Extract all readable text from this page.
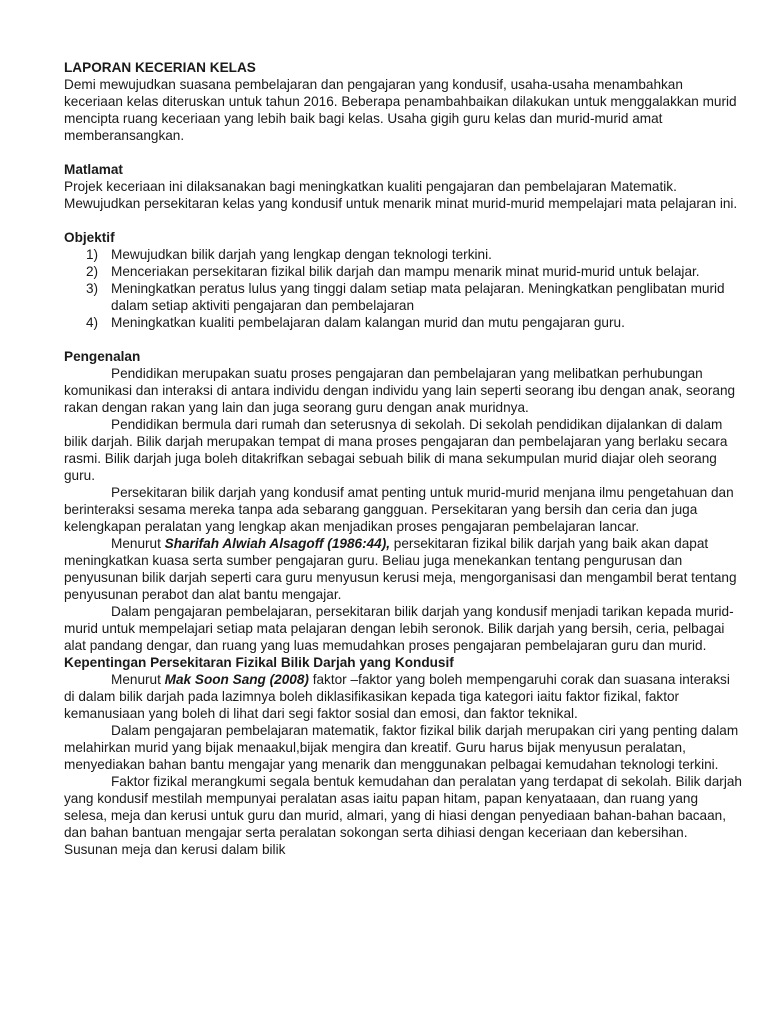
LAPORAN KECERIAN KELAS

Demi mewujudkan suasana pembelajaran dan pengajaran yang kondusif, usaha-usaha menambahkan keceriaan kelas diteruskan untuk tahun 2016. Beberapa penambahbaikan dilakukan untuk menggalakkan murid mencipta ruang keceriaan yang lebih baik bagi kelas. Usaha gigih guru kelas dan murid-murid amat memberansangkan.

Matlamat

Projek keceriaan ini dilaksanakan bagi meningkatkan kualiti pengajaran dan pembelajaran Matematik. Mewujudkan persekitaran kelas yang kondusif untuk menarik minat murid-murid mempelajari mata pelajaran ini.

Objektif

1) Mewujudkan bilik darjah yang lengkap dengan teknologi terkini.
2) Menceriakan persekitaran fizikal bilik darjah dan mampu menarik minat murid-murid untuk belajar.
3) Meningkatkan peratus lulus yang tinggi dalam setiap mata pelajaran. Meningkatkan penglibatan murid dalam setiap aktiviti pengajaran dan pembelajaran
4) Meningkatkan kualiti pembelajaran dalam kalangan murid dan mutu pengajaran guru.

Pengenalan

Pendidikan merupakan suatu proses pengajaran dan pembelajaran yang melibatkan perhubungan komunikasi dan interaksi di antara individu dengan individu yang lain seperti seorang ibu dengan anak, seorang rakan dengan rakan yang lain dan juga seorang guru dengan anak muridnya.

Pendidikan bermula dari rumah dan seterusnya di sekolah. Di sekolah pendidikan dijalankan di dalam bilik darjah. Bilik darjah merupakan tempat di mana proses pengajaran dan pembelajaran yang berlaku secara rasmi. Bilik darjah juga boleh ditakrifkan sebagai sebuah bilik di mana sekumpulan murid diajar oleh seorang guru.

Persekitaran bilik darjah yang kondusif amat penting untuk murid-murid menjana ilmu pengetahuan dan berinteraksi sesama mereka tanpa ada sebarang gangguan. Persekitaran yang bersih dan ceria dan juga kelengkapan peralatan yang lengkap akan menjadikan proses pengajaran pembelajaran lancar.

Menurut Sharifah Alwiah Alsagoff (1986:44), persekitaran fizikal bilik darjah yang baik akan dapat meningkatkan kuasa serta sumber pengajaran guru. Beliau juga menekankan tentang pengurusan dan penyusunan bilik darjah seperti cara guru menyusun kerusi meja, mengorganisasi dan mengambil berat tentang penyusunan perabot dan alat bantu mengajar.

Dalam pengajaran pembelajaran, persekitaran bilik darjah yang kondusif menjadi tarikan kepada murid-murid untuk mempelajari setiap mata pelajaran dengan lebih seronok. Bilik darjah yang bersih, ceria, pelbagai alat pandang dengar, dan ruang yang luas memudahkan proses pengajaran pembelajaran guru dan murid.

Kepentingan Persekitaran Fizikal Bilik Darjah yang Kondusif

Menurut Mak Soon Sang (2008) faktor –faktor yang boleh mempengaruhi corak dan suasana interaksi di dalam bilik darjah pada lazimnya boleh diklasifikasikan kepada tiga kategori iaitu faktor fizikal, faktor kemanusiaan yang boleh di lihat dari segi faktor sosial dan emosi, dan faktor teknikal.

Dalam pengajaran pembelajaran matematik, faktor fizikal bilik darjah merupakan ciri yang penting dalam melahirkan murid yang bijak menaakul,bijak mengira dan kreatif. Guru harus bijak menyusun peralatan, menyediakan bahan bantu mengajar yang menarik dan menggunakan pelbagai kemudahan teknologi terkini.

Faktor fizikal merangkumi segala bentuk kemudahan dan peralatan yang terdapat di sekolah. Bilik darjah yang kondusif mestilah mempunyai peralatan asas iaitu papan hitam, papan kenyataaan, dan ruang yang selesa, meja dan kerusi untuk guru dan murid, almari, yang di hiasi dengan penyediaan bahan-bahan bacaan, dan bahan bantuan mengajar serta peralatan sokongan serta dihiasi dengan keceriaan dan kebersihan. Susunan meja dan kerusi dalam bilik
